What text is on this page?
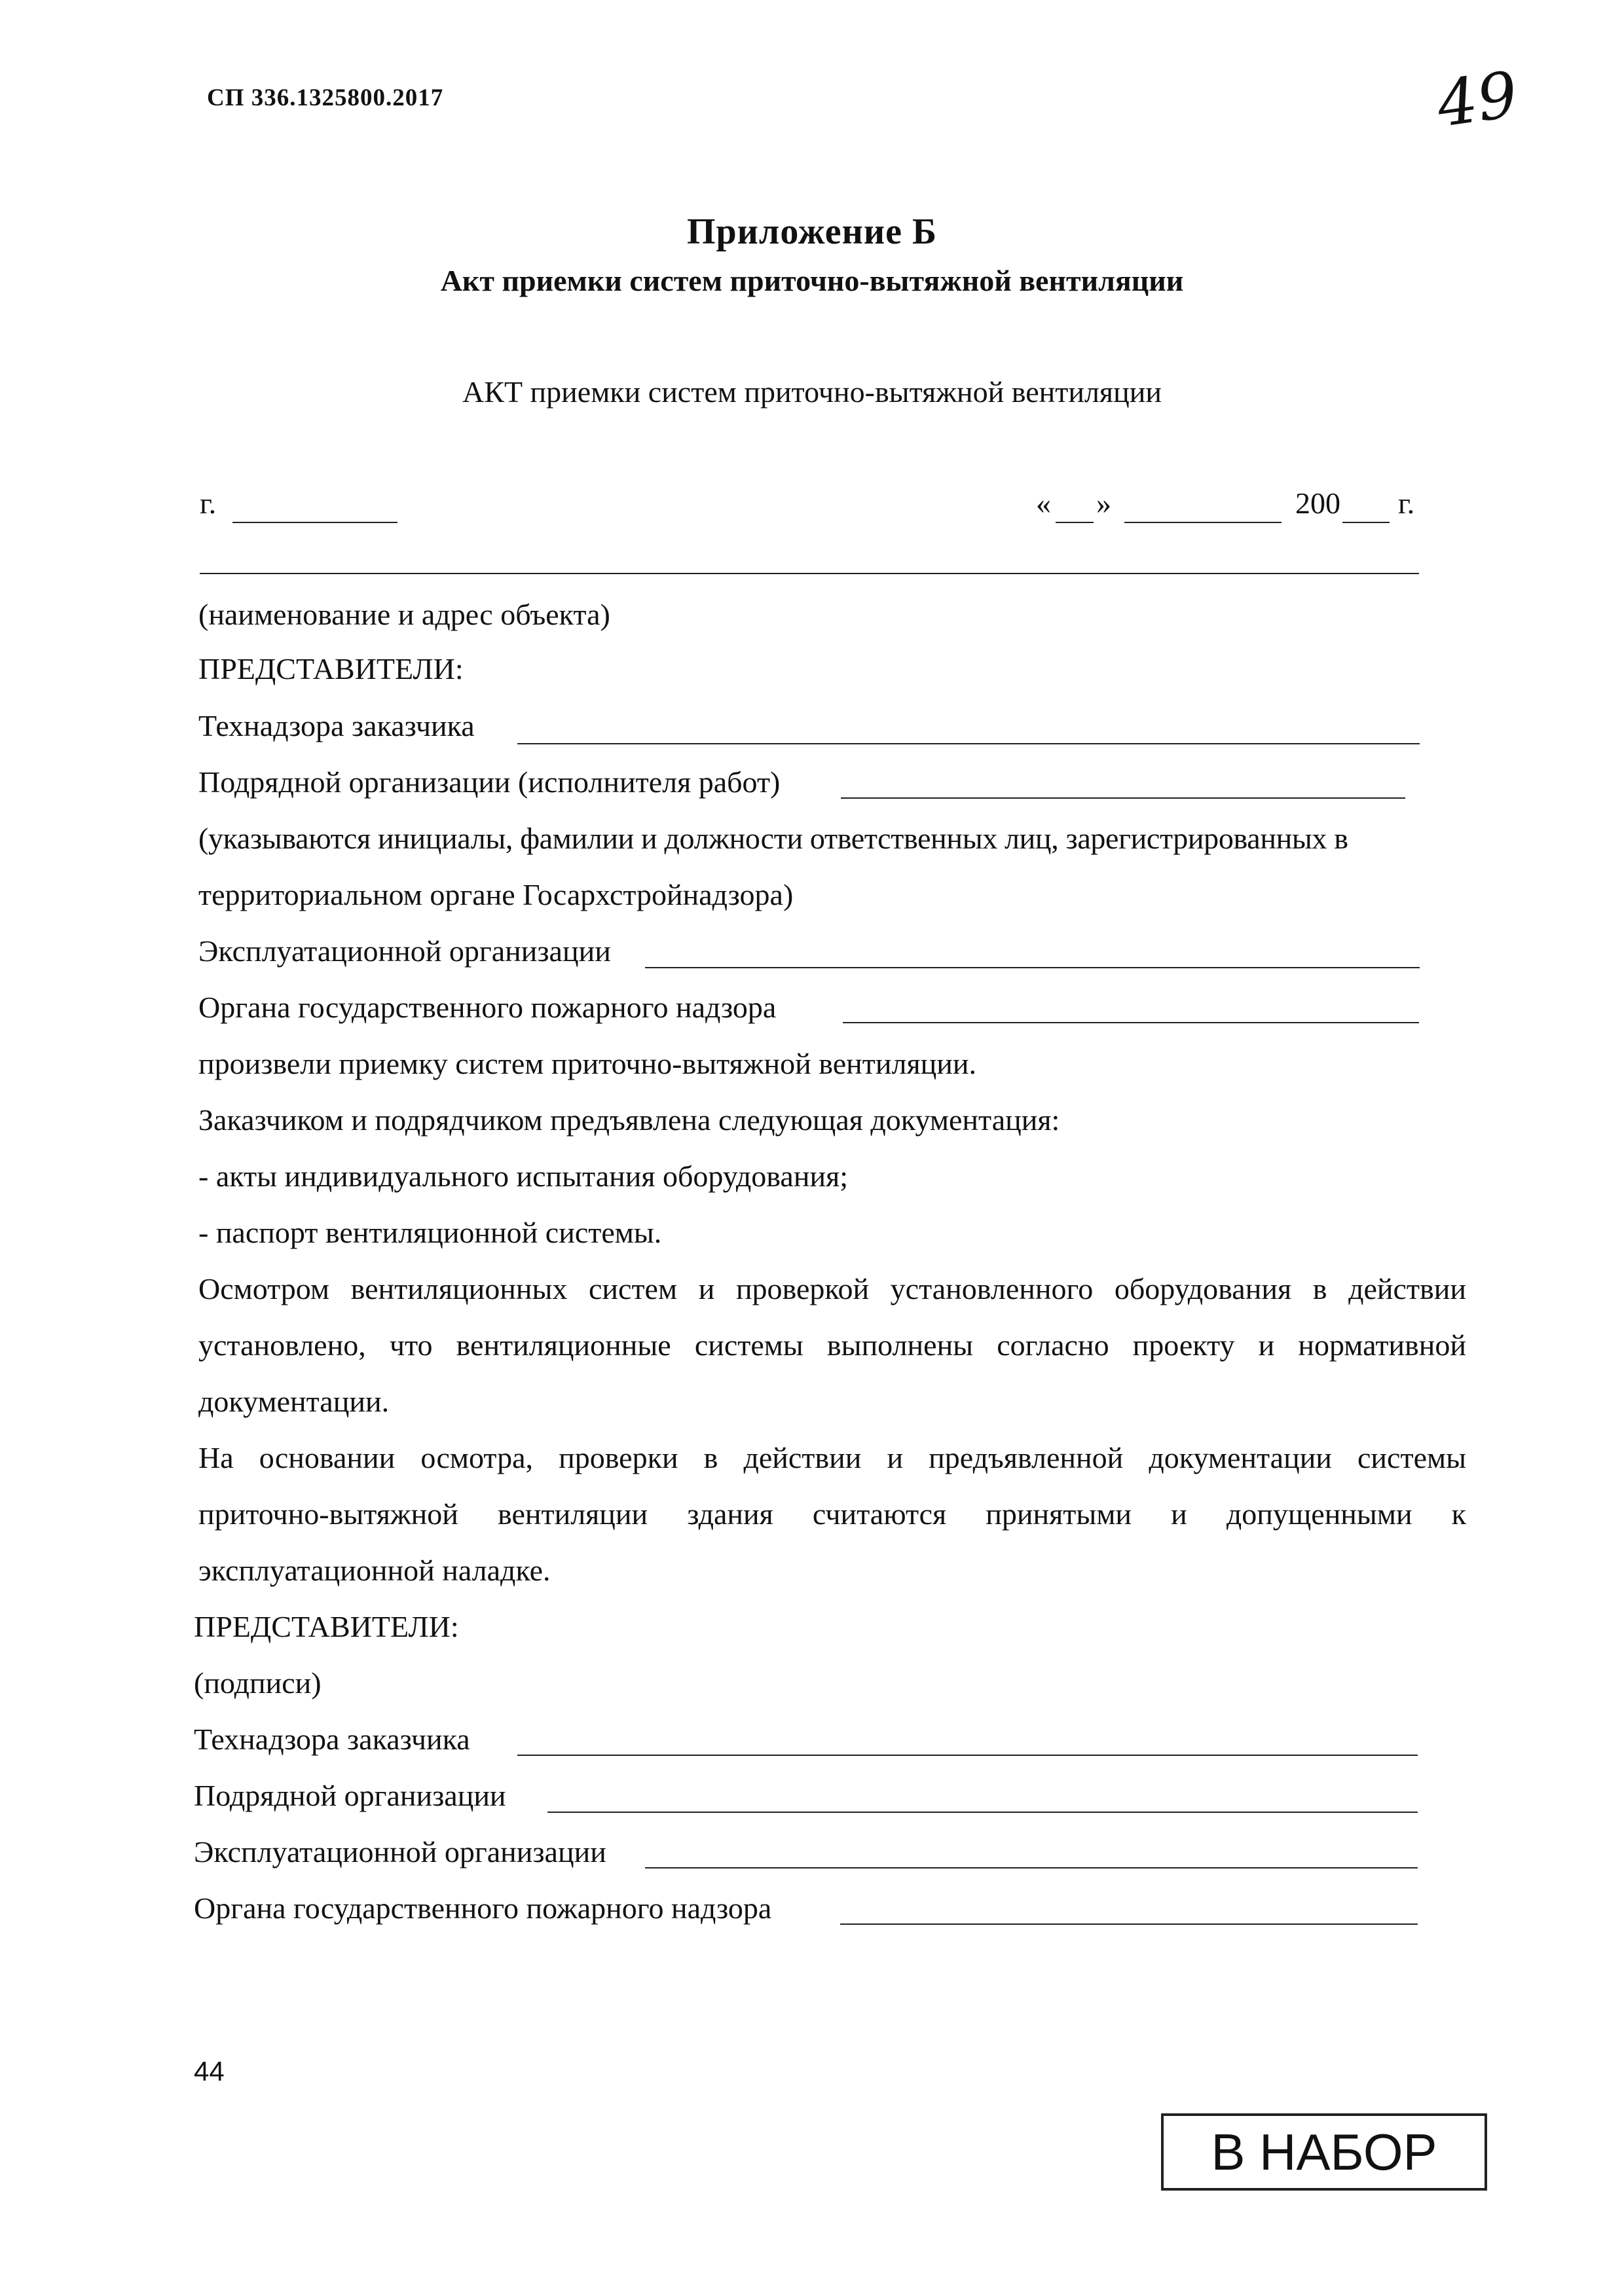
СП 336.1325800.2017	49
Приложение Б
Акт приемки систем приточно-вытяжной вентиляции
АКТ приемки систем приточно-вытяжной вентиляции
г.	« »	200 г.
(наименование и адрес объекта)
ПРЕДСТАВИТЕЛИ:
Технадзора заказчика
Подрядной организации (исполнителя работ)
(указываются инициалы, фамилии и должности ответственных лиц, зарегистрированных в
территориальном органе Госархстройнадзора)
Эксплуатационной организации
Органа государственного пожарного надзора
произвели приемку систем приточно-вытяжной вентиляции.
Заказчиком и подрядчиком предъявлена следующая документация:
- акты индивидуального испытания оборудования;
- паспорт вентиляционной системы.
Осмотром вентиляционных систем и проверкой установленного оборудования в действии
установлено, что вентиляционные системы выполнены согласно проекту и нормативной
документации.
На основании осмотра, проверки в действии и предъявленной документации системы
приточно-вытяжной вентиляции здания считаются принятыми и допущенными к
эксплуатационной наладке.
ПРЕДСТАВИТЕЛИ:
(подписи)
Технадзора заказчика
Подрядной организации
Эксплуатационной организации
Органа государственного пожарного надзора
44
В НАБОР
